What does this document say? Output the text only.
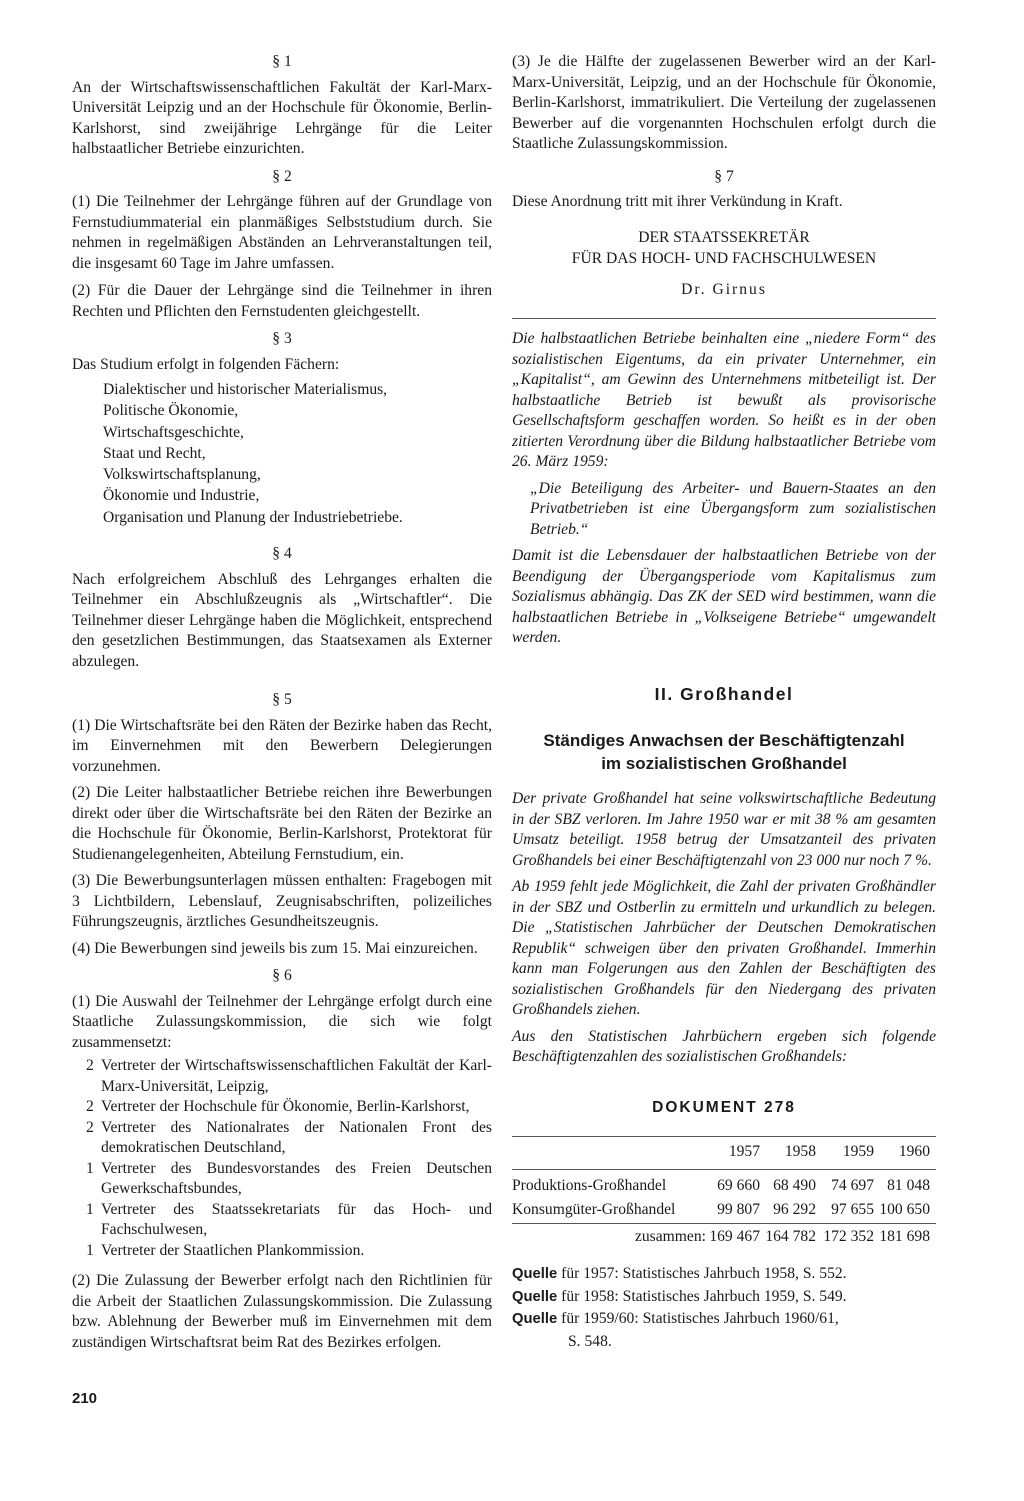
§ 1

An der Wirtschaftswissenschaftlichen Fakultät der Karl-Marx-Universität Leipzig und an der Hochschule für Ökonomie, Berlin-Karlshorst, sind zweijährige Lehrgänge für die Leiter halbstaatlicher Betriebe einzurichten.

§ 2

(1) Die Teilnehmer der Lehrgänge führen auf der Grundlage von Fernstudiummaterial ein planmäßiges Selbststudium durch. Sie nehmen in regelmäßigen Abständen an Lehrveranstaltungen teil, die insgesamt 60 Tage im Jahre umfassen.

(2) Für die Dauer der Lehrgänge sind die Teilnehmer in ihren Rechten und Pflichten den Fernstudenten gleichgestellt.

§ 3

Das Studium erfolgt in folgenden Fächern:

Dialektischer und historischer Materialismus,
Politische Ökonomie,
Wirtschaftsgeschichte,
Staat und Recht,
Volkswirtschaftsplanung,
Ökonomie und Industrie,
Organisation und Planung der Industriebetriebe.

§ 4

Nach erfolgreichem Abschluß des Lehrganges erhalten die Teilnehmer ein Abschlußzeugnis als „Wirtschaftler“. Die Teilnehmer dieser Lehrgänge haben die Möglichkeit, entsprechend den gesetzlichen Bestimmungen, das Staatsexamen als Externer abzulegen.

§ 5

(1) Die Wirtschaftsräte bei den Räten der Bezirke haben das Recht, im Einvernehmen mit den Bewerbern Delegierungen vorzunehmen.

(2) Die Leiter halbstaatlicher Betriebe reichen ihre Bewerbungen direkt oder über die Wirtschaftsräte bei den Räten der Bezirke an die Hochschule für Ökonomie, Berlin-Karlshorst, Protektorat für Studienangelegenheiten, Abteilung Fernstudium, ein.

(3) Die Bewerbungsunterlagen müssen enthalten: Fragebogen mit 3 Lichtbildern, Lebenslauf, Zeugnisabschriften, polizeiliches Führungszeugnis, ärztliches Gesundheitszeugnis.

(4) Die Bewerbungen sind jeweils bis zum 15. Mai einzureichen.

§ 6

(1) Die Auswahl der Teilnehmer der Lehrgänge erfolgt durch eine Staatliche Zulassungskommission, die sich wie folgt zusammensetzt:

2 Vertreter der Wirtschaftswissenschaftlichen Fakultät der Karl-Marx-Universität, Leipzig,
2 Vertreter der Hochschule für Ökonomie, Berlin-Karlshorst,
2 Vertreter des Nationalrates der Nationalen Front des demokratischen Deutschland,
1 Vertreter des Bundesvorstandes des Freien Deutschen Gewerkschaftsbundes,
1 Vertreter des Staatssekretariats für das Hoch- und Fachschulwesen,
1 Vertreter der Staatlichen Plankommission.

(2) Die Zulassung der Bewerber erfolgt nach den Richtlinien für die Arbeit der Staatlichen Zulassungskommission. Die Zulassung bzw. Ablehnung der Bewerber muß im Einvernehmen mit dem zuständigen Wirtschaftsrat beim Rat des Bezirkes erfolgen.

210

(3) Je die Hälfte der zugelassenen Bewerber wird an der Karl-Marx-Universität, Leipzig, und an der Hochschule für Ökonomie, Berlin-Karlshorst, immatrikuliert. Die Verteilung der zugelassenen Bewerber auf die vorgenannten Hochschulen erfolgt durch die Staatliche Zulassungskommission.

§ 7

Diese Anordnung tritt mit ihrer Verkündung in Kraft.

DER STAATSSEKRETÄR

FÜR DAS HOCH- UND FACHSCHULWESEN

Dr. Girnus

Die halbstaatlichen Betriebe beinhalten eine „niedere Form“ des sozialistischen Eigentums, da ein privater Unternehmer, ein „Kapitalist“, am Gewinn des Unternehmens mitbeteiligt ist. Der halbstaatliche Betrieb ist bewußt als provisorische Gesellschaftsform geschaffen worden. So heißt es in der oben zitierten Verordnung über die Bildung halbstaatlicher Betriebe vom 26. März 1959:

„Die Beteiligung des Arbeiter- und Bauern-Staates an den Privatbetrieben ist eine Übergangsform zum sozialistischen Betrieb.“

Damit ist die Lebensdauer der halbstaatlichen Betriebe von der Beendigung der Übergangsperiode vom Kapitalismus zum Sozialismus abhängig. Das ZK der SED wird bestimmen, wann die halbstaatlichen Betriebe in „Volkseigene Betriebe“ umgewandelt werden.

II. Großhandel

Ständiges Anwachsen der Beschäftigtenzahl

im sozialistischen Großhandel

Der private Großhandel hat seine volkswirtschaftliche Bedeutung in der SBZ verloren. Im Jahre 1950 war er mit 38 % am gesamten Umsatz beteiligt. 1958 betrug der Umsatzanteil des privaten Großhandels bei einer Beschäftigtenzahl von 23 000 nur noch 7 %.

Ab 1959 fehlt jede Möglichkeit, die Zahl der privaten Großhändler in der SBZ und Ostberlin zu ermitteln und urkundlich zu belegen. Die „Statistischen Jahrbücher der Deutschen Demokratischen Republik“ schweigen über den privaten Großhandel. Immerhin kann man Folgerungen aus den Zahlen der Beschäftigten des sozialistischen Großhandels für den Niedergang des privaten Großhandels ziehen.

Aus den Statistischen Jahrbüchern ergeben sich folgende Beschäftigtenzahlen des sozialistischen Großhandels:

DOKUMENT 278

	1957	1958	1959	1960

Produktions-Großhandel	69 660	68 490	74 697	81 048
Konsumgüter-Großhandel	99 807	96 292	97 655	100 650

zusammen:	169 467	164 782	172 352	181 698

Quelle für 1957: Statistisches Jahrbuch 1958, S. 552.

Quelle für 1958: Statistisches Jahrbuch 1959, S. 549.

Quelle für 1959/60: Statistisches Jahrbuch 1960/61,

S. 548.
